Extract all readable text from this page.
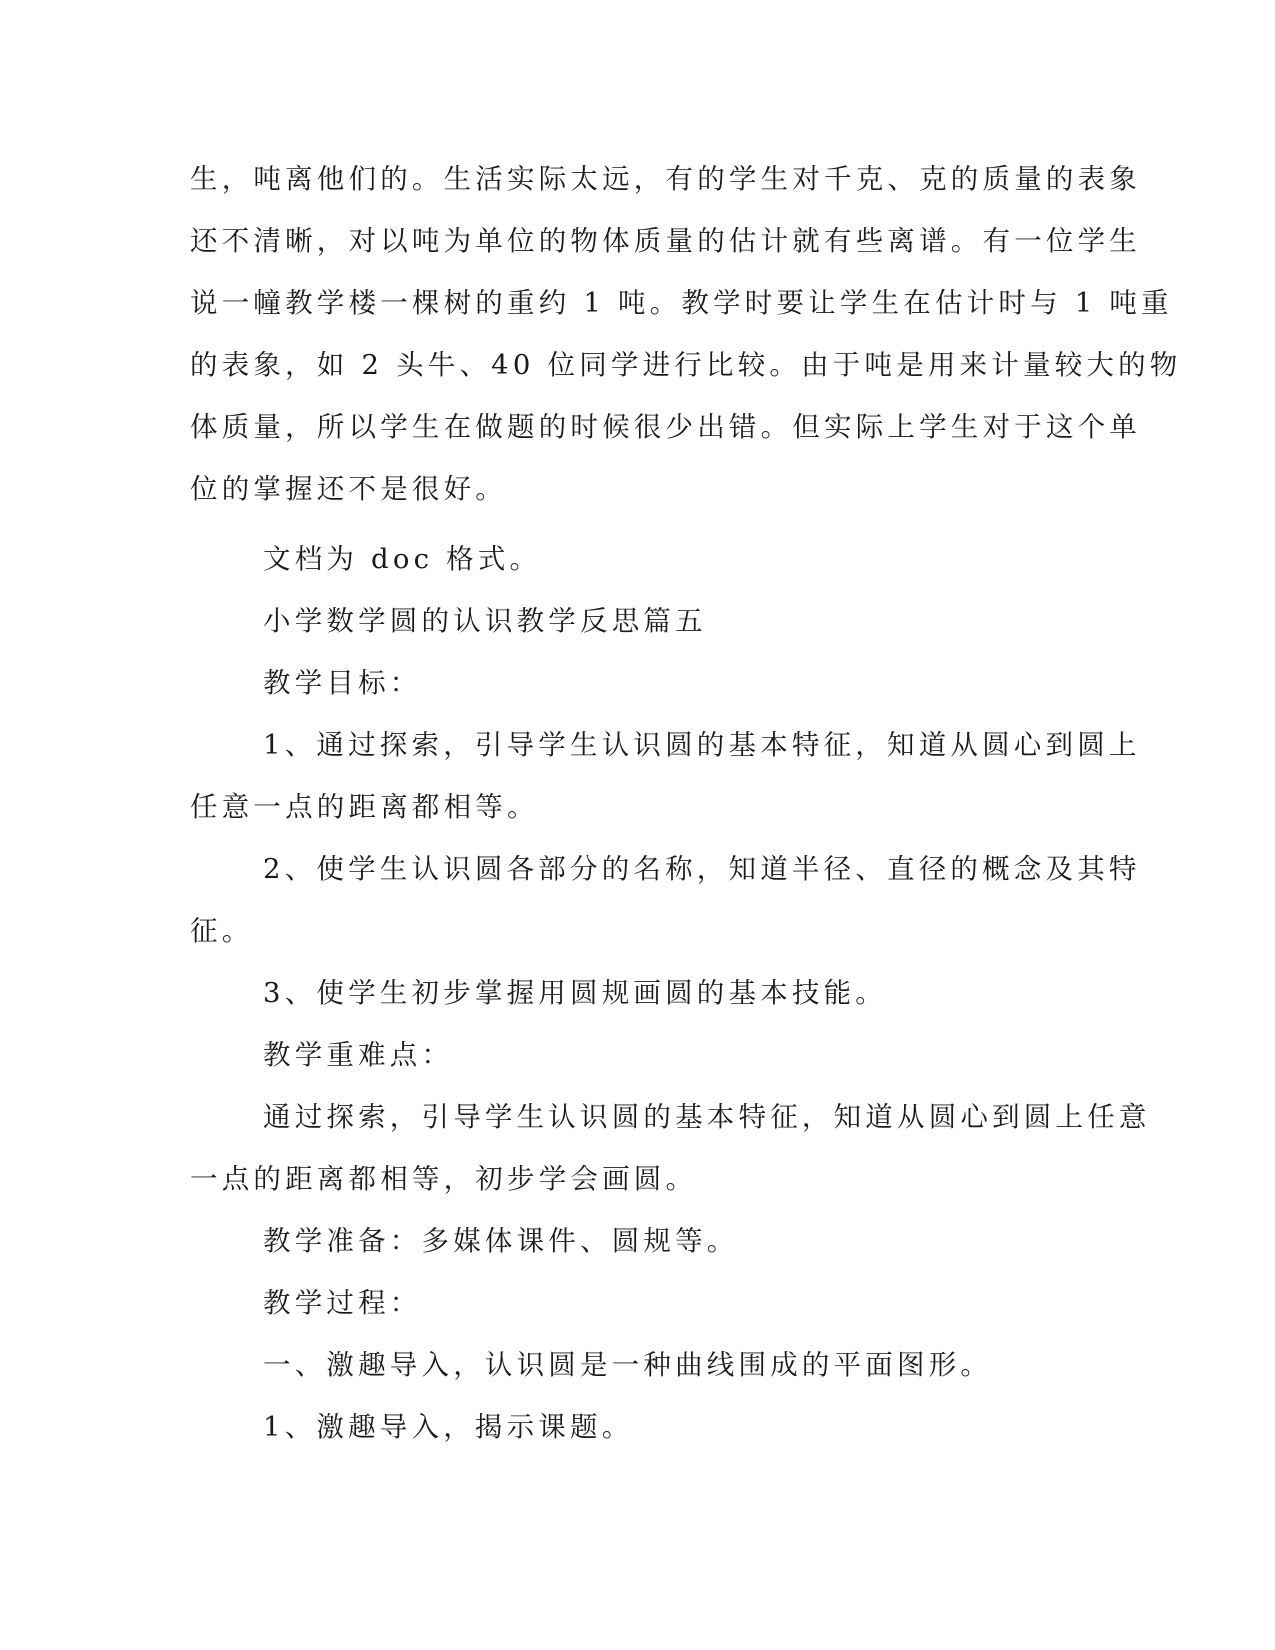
生，吨离他们的。生活实际太远，有的学生对千克、克的质量的表象
还不清晰，对以吨为单位的物体质量的估计就有些离谱。有一位学生
说一幢教学楼一棵树的重约 1 吨。教学时要让学生在估计时与 1 吨重
的表象，如 2 头牛、40 位同学进行比较。由于吨是用来计量较大的物
体质量，所以学生在做题的时候很少出错。但实际上学生对于这个单
位的掌握还不是很好。

文档为 doc 格式。

小学数学圆的认识教学反思篇五

教学目标：

1、通过探索，引导学生认识圆的基本特征，知道从圆心到圆上
任意一点的距离都相等。
2、使学生认识圆各部分的名称，知道半径、直径的概念及其特
征。

3、使学生初步掌握用圆规画圆的基本技能。

教学重难点：

通过探索，引导学生认识圆的基本特征，知道从圆心到圆上任意
一点的距离都相等，初步学会画圆。

教学准备：多媒体课件、圆规等。

教学过程：

一、激趣导入，认识圆是一种曲线围成的平面图形。

1、激趣导入，揭示课题。
